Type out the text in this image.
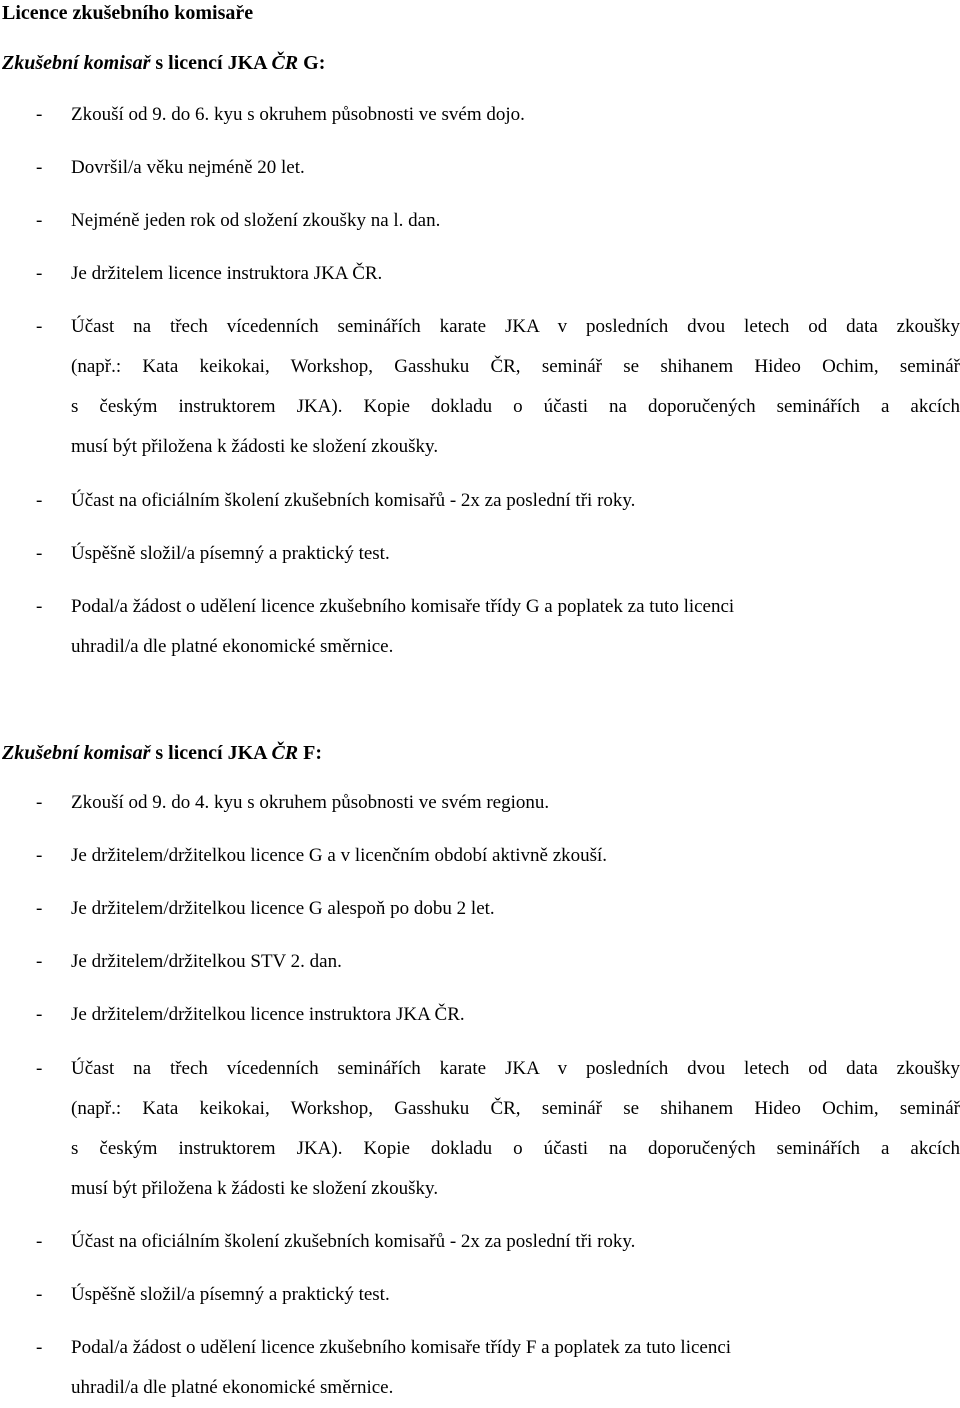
Licence zkušebního komisaře
Zkušební komisař s licencí JKA ČR G:
- Zkouší od 9. do 6. kyu s okruhem působnosti ve svém dojo.
- Dovršil/a věku nejméně 20 let.
- Nejméně jeden rok od složení zkoušky na l. dan.
- Je držitelem licence instruktora JKA ČR.
- Účast na třech vícedenních seminářích karate JKA v posledních dvou letech od data zkoušky
(např.: Kata keikokai, Workshop, Gasshuku ČR, seminář se shihanem Hideo Ochim, seminář
s českým instruktorem JKA). Kopie dokladu o účasti na doporučených seminářích a akcích
musí být přiložena k žádosti ke složení zkoušky.
- Účast na oficiálním školení zkušebních komisařů - 2x za poslední tři roky.
- Úspěšně složil/a písemný a praktický test.
- Podal/a žádost o udělení licence zkušebního komisaře třídy G a poplatek za tuto licenci
uhradil/a dle platné ekonomické směrnice.
Zkušební komisař s licencí JKA ČR F:
- Zkouší od 9. do 4. kyu s okruhem působnosti ve svém regionu.
- Je držitelem/držitelkou licence G a v licenčním období aktivně zkouší.
- Je držitelem/držitelkou licence G alespoň po dobu 2 let.
- Je držitelem/držitelkou STV 2. dan.
- Je držitelem/držitelkou licence instruktora JKA ČR.
- Účast na třech vícedenních seminářích karate JKA v posledních dvou letech od data zkoušky
(např.: Kata keikokai, Workshop, Gasshuku ČR, seminář se shihanem Hideo Ochim, seminář
s českým instruktorem JKA). Kopie dokladu o účasti na doporučených seminářích a akcích
musí být přiložena k žádosti ke složení zkoušky.
- Účast na oficiálním školení zkušebních komisařů - 2x za poslední tři roky.
- Úspěšně složil/a písemný a praktický test.
- Podal/a žádost o udělení licence zkušebního komisaře třídy F a poplatek za tuto licenci
uhradil/a dle platné ekonomické směrnice.
